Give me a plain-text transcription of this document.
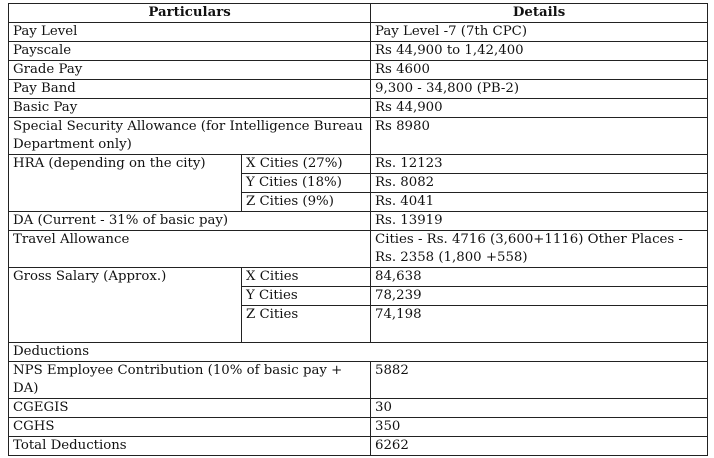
Particulars		Details
Pay Level		Pay Level -7 (7th CPC)
Payscale		Rs 44,900 to 1,42,400
Grade Pay		Rs 4600
Pay Band		9,300 - 34,800 (PB-2)
Basic Pay		Rs 44,900
Special Security Allowance (for Intelligence Bureau Department only)		Rs 8980
HRA (depending on the city)	X Cities (27%)	Rs. 12123
	Y Cities (18%)	Rs. 8082
	Z Cities (9%)	Rs. 4041
DA (Current - 31% of basic pay)		Rs. 13919
Travel Allowance		Cities - Rs. 4716 (3,600+1116) Other Places - Rs. 2358 (1,800 +558)
Gross Salary (Approx.)	X Cities	84,638
	Y Cities	78,239
	Z Cities	74,198
Deductions		
NPS Employee Contribution (10% of basic pay + DA)		5882
CGEGIS		30
CGHS		350
Total Deductions		6262
